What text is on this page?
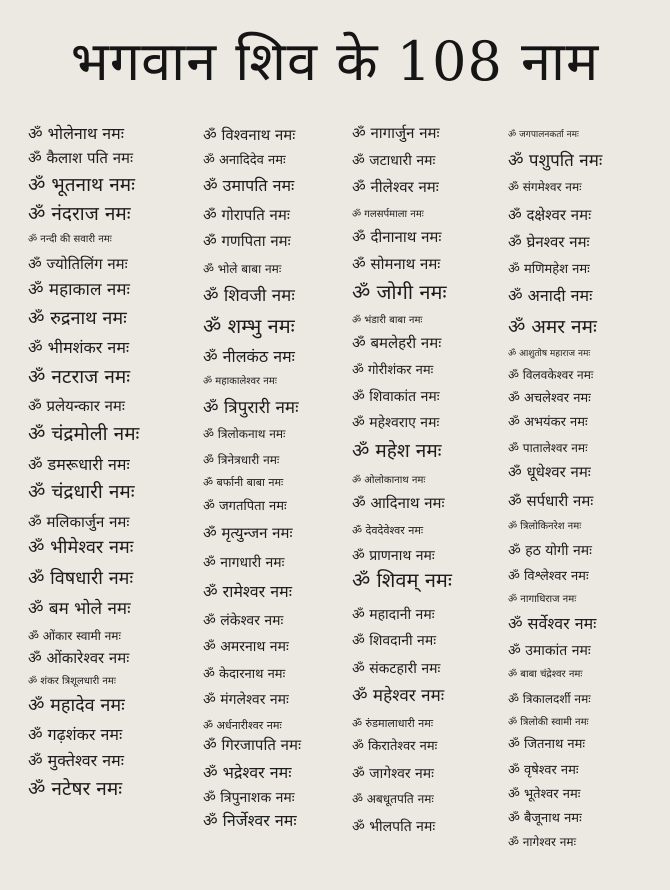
भगवान शिव के 108 नाम
ॐ भोलेनाथ नमः
ॐ कैलाश पति नमः
ॐ भूतनाथ नमः
ॐ नंदराज नमः
ॐ नन्दी की सवारी नमः
ॐ ज्योतिलिंग नमः
ॐ महाकाल नमः
ॐ रुद्रनाथ नमः
ॐ भीमशंकर नमः
ॐ नटराज नमः
ॐ प्रलेयन्कार नमः
ॐ चंद्रमोली नमः
ॐ डमरूधारी नमः
ॐ चंद्रधारी नमः
ॐ मलिकार्जुन नमः
ॐ भीमेश्वर नमः
ॐ विषधारी नमः
ॐ बम भोले नमः
ॐ ओंकार स्वामी नमः
ॐ ओंकारेश्वर नमः
ॐ शंकर त्रिशूलधारी नमः
ॐ महादेव नमः
ॐ गढ़शंकर नमः
ॐ मुक्तेश्वर नमः
ॐ नटेषर नमः
ॐ विश्वनाथ नमः
ॐ अनादिदेव नमः
ॐ उमापति नमः
ॐ गोरापति नमः
ॐ गणपिता नमः
ॐ भोले बाबा नमः
ॐ शिवजी नमः
ॐ शम्भु नमः
ॐ नीलकंठ नमः
ॐ महाकालेश्वर नमः
ॐ त्रिपुरारी नमः
ॐ त्रिलोकनाथ नमः
ॐ त्रिनेत्रधारी नमः
ॐ बर्फानी बाबा नमः
ॐ जगतपिता नमः
ॐ मृत्युन्जन नमः
ॐ नागधारी नमः
ॐ रामेश्वर नमः
ॐ लंकेश्वर नमः
ॐ अमरनाथ नमः
ॐ केदारनाथ नमः
ॐ मंगलेश्वर नमः
ॐ अर्धनारीश्वर नमः
ॐ गिरजापति नमः
ॐ भद्रेश्वर नमः
ॐ त्रिपुनाशक नमः
ॐ निर्जेश्वर नमः
ॐ नागार्जुन नमः
ॐ जटाधारी नमः
ॐ नीलेश्वर नमः
ॐ गलसर्पमाला नमः
ॐ दीनानाथ नमः
ॐ सोमनाथ नमः
ॐ जोगी नमः
ॐ भंडारी बाबा नमः
ॐ बमलेहरी नमः
ॐ गोरीशंकर नमः
ॐ शिवाकांत नमः
ॐ महेश्वराए नमः
ॐ महेश नमः
ॐ ओलोकानाथ नमः
ॐ आदिनाथ नमः
ॐ देवदेवेश्वर नमः
ॐ प्राणनाथ नमः
ॐ शिवम् नमः
ॐ महादानी नमः
ॐ शिवदानी नमः
ॐ संकटहारी नमः
ॐ महेश्वर नमः
ॐ रुंडमालाधारी नमः
ॐ किरातेश्वर नमः
ॐ जागेश्वर नमः
ॐ अबधूतपति नमः
ॐ भीलपति नमः
ॐ जगपालनकर्ता नमः
ॐ पशुपति नमः
ॐ संगमेश्वर नमः
ॐ दक्षेश्वर नमः
ॐ घ्रेनश्वर नमः
ॐ मणिमहेश नमः
ॐ अनादी नमः
ॐ अमर नमः
ॐ आशुतोष महाराज नमः
ॐ विलवकेश्वर नमः
ॐ अचलेश्वर नमः
ॐ अभयंकर नमः
ॐ पातालेश्वर नमः
ॐ धूधेश्वर नमः
ॐ सर्पधारी नमः
ॐ त्रिलोकिनरेश नमः
ॐ हठ योगी नमः
ॐ विश्लेश्वर नमः
ॐ नागाधिराज नमः
ॐ सर्वेश्वर नमः
ॐ उमाकांत नमः
ॐ बाबा चंद्रेश्वर नमः
ॐ त्रिकालदर्शी नमः
ॐ त्रिलोकी स्वामी नमः
ॐ जितनाथ नमः
ॐ वृषेश्वर नमः
ॐ भूतेश्वर नमः
ॐ बैजूनाथ नमः
ॐ नागेश्वर नमः
